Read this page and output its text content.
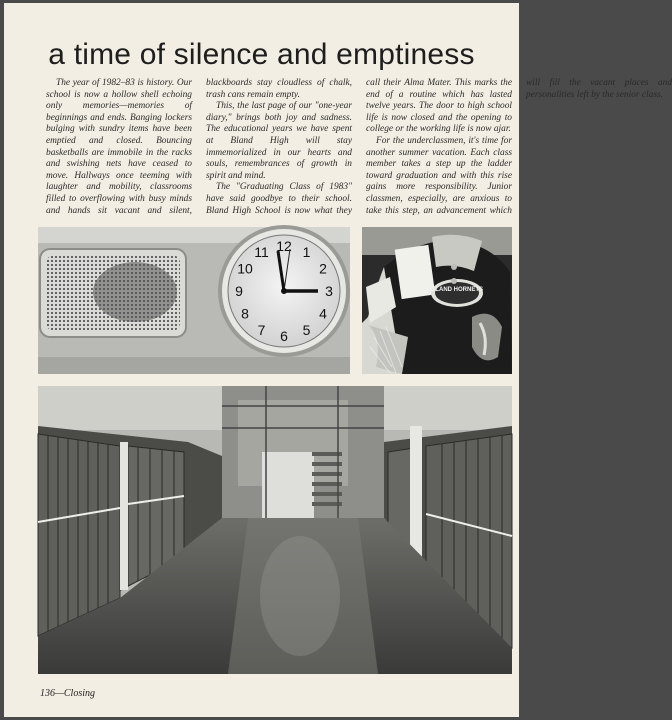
a time of silence and emptiness

The year of 1982–83 is history. Our school is now a hollow shell echoing only memories—memories of beginnings and ends. Banging lockers bulging with sundry items have been emptied and closed. Bouncing basketballs are immobile in the racks and swishing nets have ceased to move. Hallways once teeming with laughter and mobility, classrooms filled to overflowing with busy minds and hands sit vacant and silent, blackboards stay cloudless of chalk, trash cans remain empty.

This, the last page of our "one-year diary," brings both joy and sadness. The educational years we have spent at Bland High will stay immemorialized in our hearts and souls, remembrances of growth in spirit and mind.

The "Graduating Class of 1983" have said goodbye to their school. Bland High School is now what they call their Alma Mater. This marks the end of a routine which has lasted twelve years. The door to high school life is now closed and the opening to college or the working life is now ajar.

For the underclassmen, it's time for another summer vacation. Each class member takes a step up the ladder toward graduation and with this rise gains more responsibility. Junior classmen, especially, are anxious to take this step, an advancement which will fill the vacant places and personalities left by the senior class.

12 1
2
3
4
5
6
7
8
9
10
11
BLAND HORNETS
136—Closing
